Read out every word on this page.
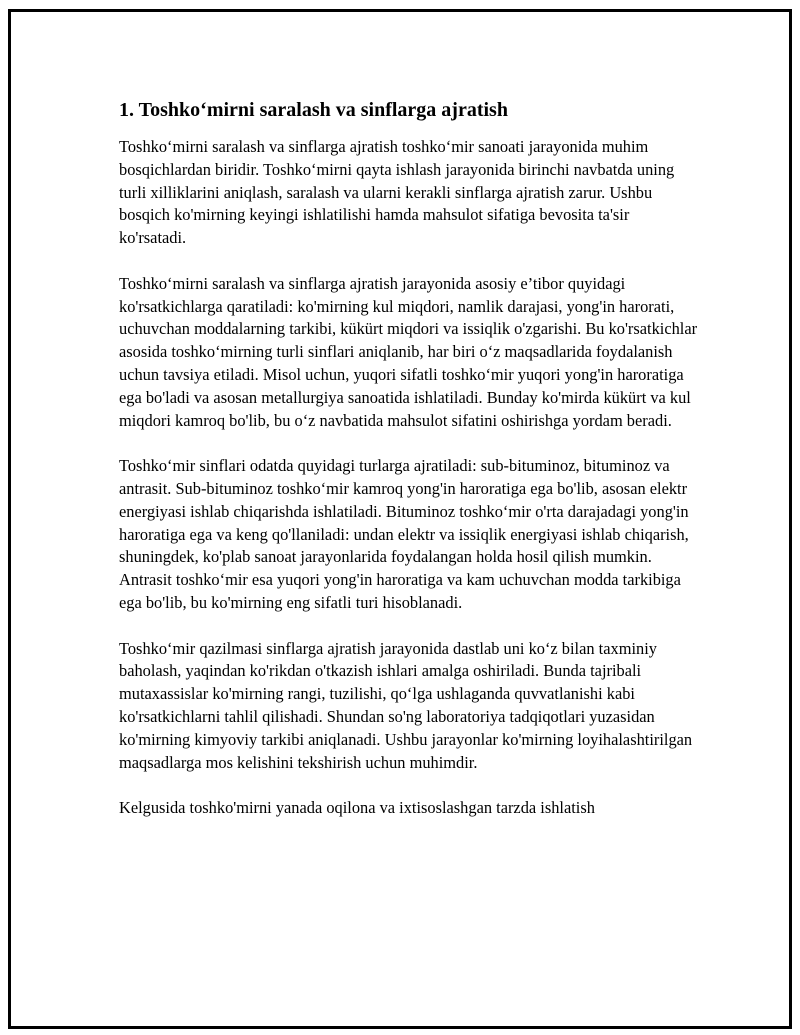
1. Toshko‘mirni saralash va sinflarga ajratish

Toshko‘mirni saralash va sinflarga ajratish toshko‘mir sanoati jarayonida muhim bosqichlardan biridir. Toshko‘mirni qayta ishlash jarayonida birinchi navbatda uning turli xilliklarini aniqlash, saralash va ularni kerakli sinflarga ajratish zarur. Ushbu bosqich ko'mirning keyingi ishlatilishi hamda mahsulot sifatiga bevosita ta'sir ko'rsatadi.

Toshko‘mirni saralash va sinflarga ajratish jarayonida asosiy e’tibor quyidagi ko'rsatkichlarga qaratiladi: ko'mirning kul miqdori, namlik darajasi, yong'in harorati, uchuvchan moddalarning tarkibi, kükürt miqdori va issiqlik o'zgarishi. Bu ko'rsatkichlar asosida toshko‘mirning turli sinflari aniqlanib, har biri o‘z maqsadlarida foydalanish uchun tavsiya etiladi. Misol uchun, yuqori sifatli toshko‘mir yuqori yong'in haroratiga ega bo'ladi va asosan metallurgiya sanoatida ishlatiladi. Bunday ko'mirda kükürt va kul miqdori kamroq bo'lib, bu o‘z navbatida mahsulot sifatini oshirishga yordam beradi.

Toshko‘mir sinflari odatda quyidagi turlarga ajratiladi: sub-bituminoz, bituminoz va antrasit. Sub-bituminoz toshko‘mir kamroq yong'in haroratiga ega bo'lib, asosan elektr energiyasi ishlab chiqarishda ishlatiladi. Bituminoz toshko‘mir o'rta darajadagi yong'in haroratiga ega va keng qo'llaniladi: undan elektr va issiqlik energiyasi ishlab chiqarish, shuningdek, ko'plab sanoat jarayonlarida foydalangan holda hosil qilish mumkin. Antrasit toshko‘mir esa yuqori yong'in haroratiga va kam uchuvchan modda tarkibiga ega bo'lib, bu ko'mirning eng sifatli turi hisoblanadi.

Toshko‘mir qazilmasi sinflarga ajratish jarayonida dastlab uni ko‘z bilan taxminiy baholash, yaqindan ko'rikdan o'tkazish ishlari amalga oshiriladi. Bunda tajribali mutaxassislar ko'mirning rangi, tuzilishi, qo‘lga ushlaganda quvvatlanishi kabi ko'rsatkichlarni tahlil qilishadi. Shundan so'ng laboratoriya tadqiqotlari yuzasidan ko'mirning kimyoviy tarkibi aniqlanadi. Ushbu jarayonlar ko'mirning loyihalashtirilgan maqsadlarga mos kelishini tekshirish uchun muhimdir.

Kelgusida toshko'mirni yanada oqilona va ixtisoslashgan tarzda ishlatish
